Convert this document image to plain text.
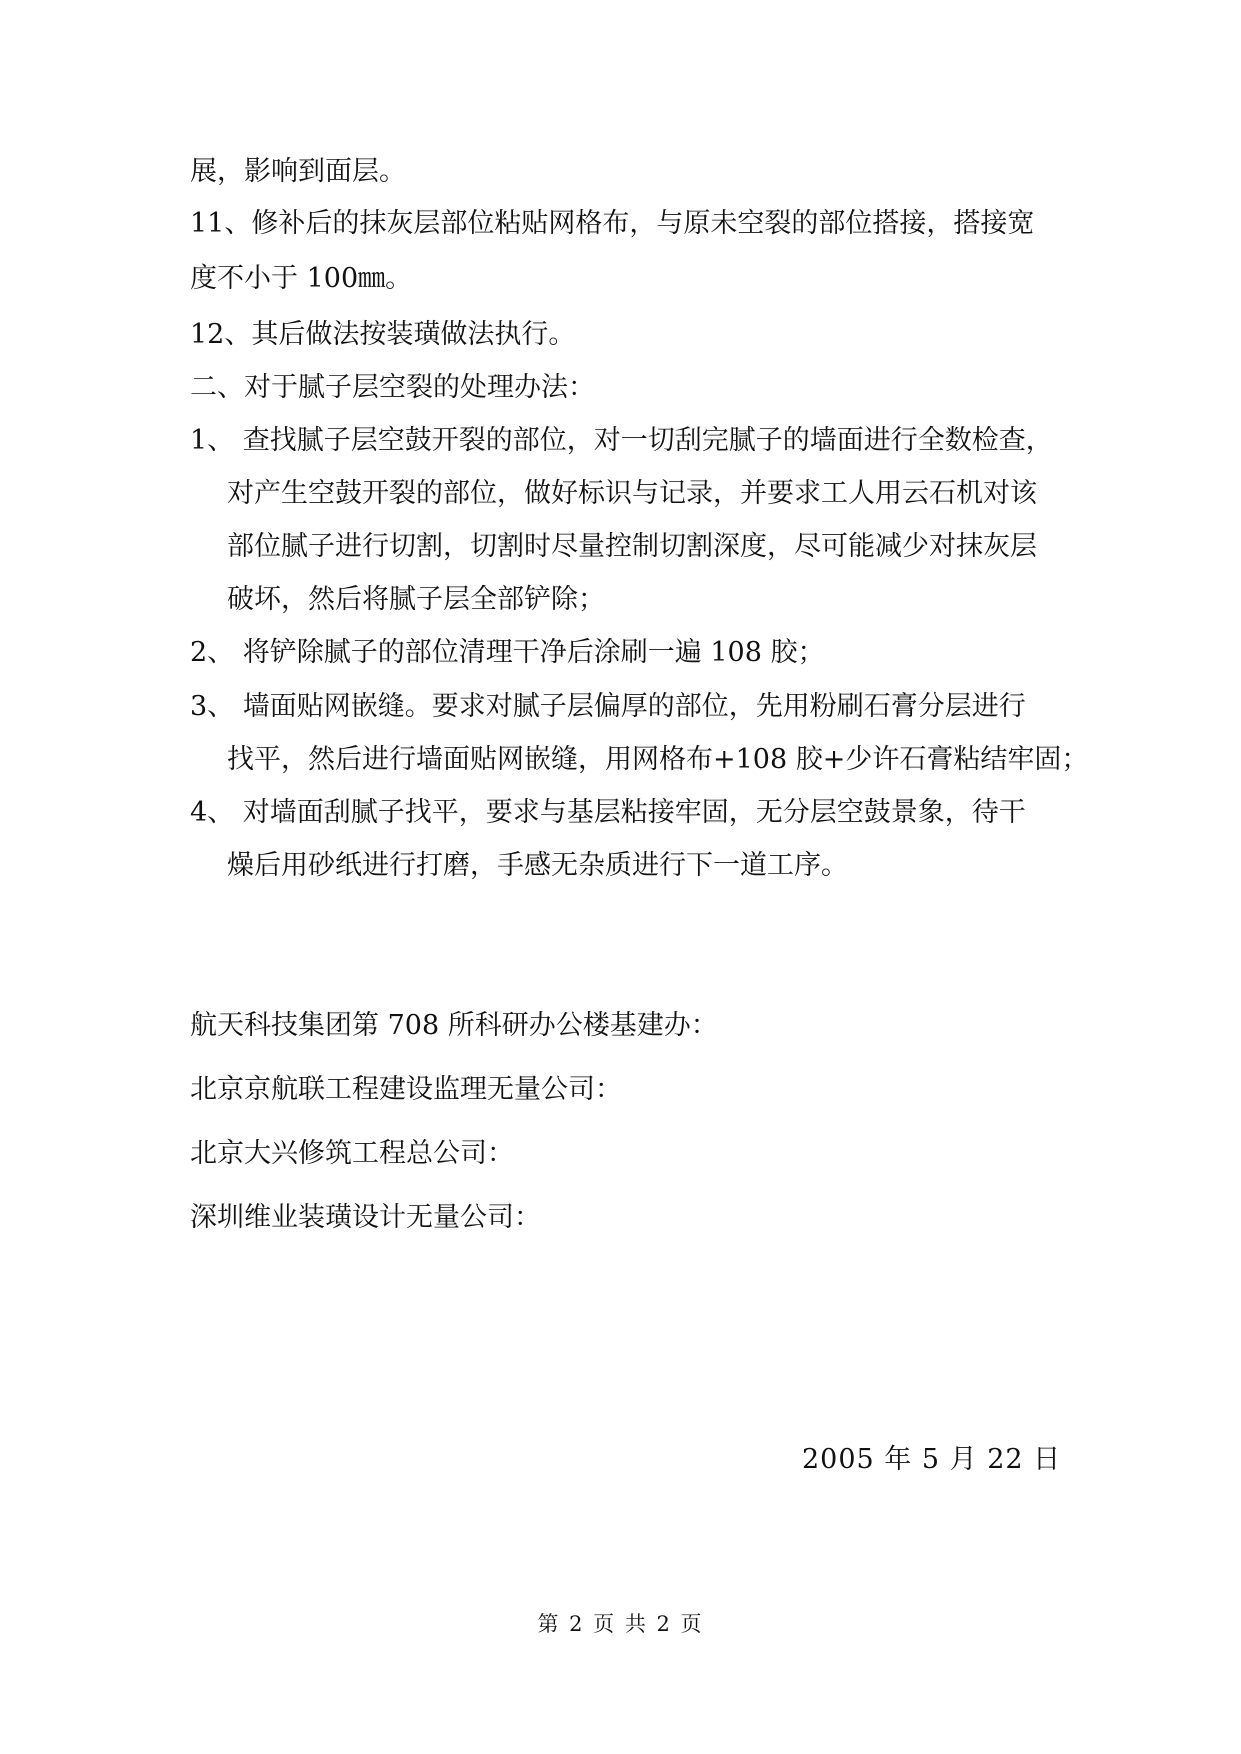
展，影响到面层。
11、修补后的抹灰层部位粘贴网格布，与原未空裂的部位搭接，搭接宽
度不小于 100㎜。
12、其后做法按装璜做法执行。
二、对于腻子层空裂的处理办法：
1、 查找腻子层空鼓开裂的部位，对一切刮完腻子的墙面进行全数检查，
对产生空鼓开裂的部位，做好标识与记录，并要求工人用云石机对该
部位腻子进行切割，切割时尽量控制切割深度，尽可能减少对抹灰层
破坏，然后将腻子层全部铲除；
2、 将铲除腻子的部位清理干净后涂刷一遍 108 胶；
3、 墙面贴网嵌缝。要求对腻子层偏厚的部位，先用粉刷石膏分层进行
找平，然后进行墙面贴网嵌缝，用网格布+108 胶+少许石膏粘结牢固；
4、 对墙面刮腻子找平，要求与基层粘接牢固，无分层空鼓景象，待干
燥后用砂纸进行打磨，手感无杂质进行下一道工序。
航天科技集团第 708 所科研办公楼基建办：
北京京航联工程建设监理无量公司：
北京大兴修筑工程总公司：
深圳维业装璜设计无量公司：
2005 年 5 月 22 日
第 2 页 共 2 页
